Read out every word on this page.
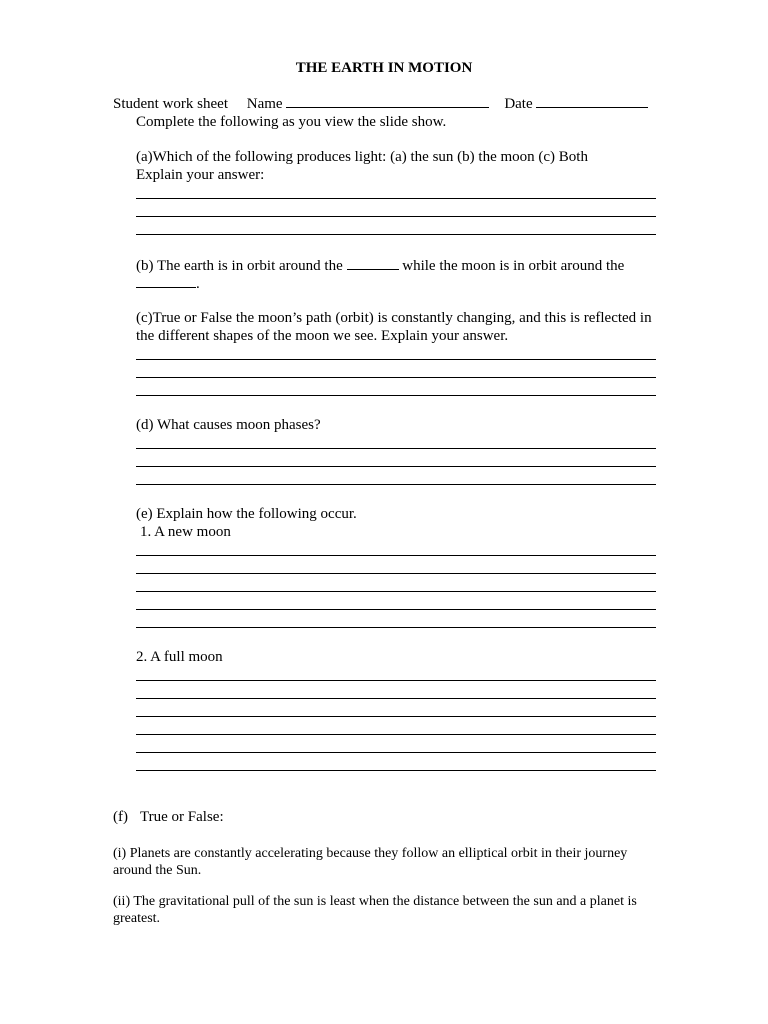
THE EARTH IN MOTION
Student work sheet Name	Date
Complete the following as you view the slide show.
(a)Which of the following produces light: (a) the sun (b) the moon (c) Both
Explain your answer:
(b) The earth is in orbit around the	while the moon is in orbit around the
.
(c)True or False the moon’s path (orbit) is constantly changing, and this is reflected in
the different shapes of the moon we see. Explain your answer.
(d) What causes moon phases?
(e) Explain how the following occur.
1. A new moon
2. A full moon
(f) True or False:
(i) Planets are constantly accelerating because they follow an elliptical orbit in their journey
around the Sun.
(ii) The gravitational pull of the sun is least when the distance between the sun and a planet is
greatest.
